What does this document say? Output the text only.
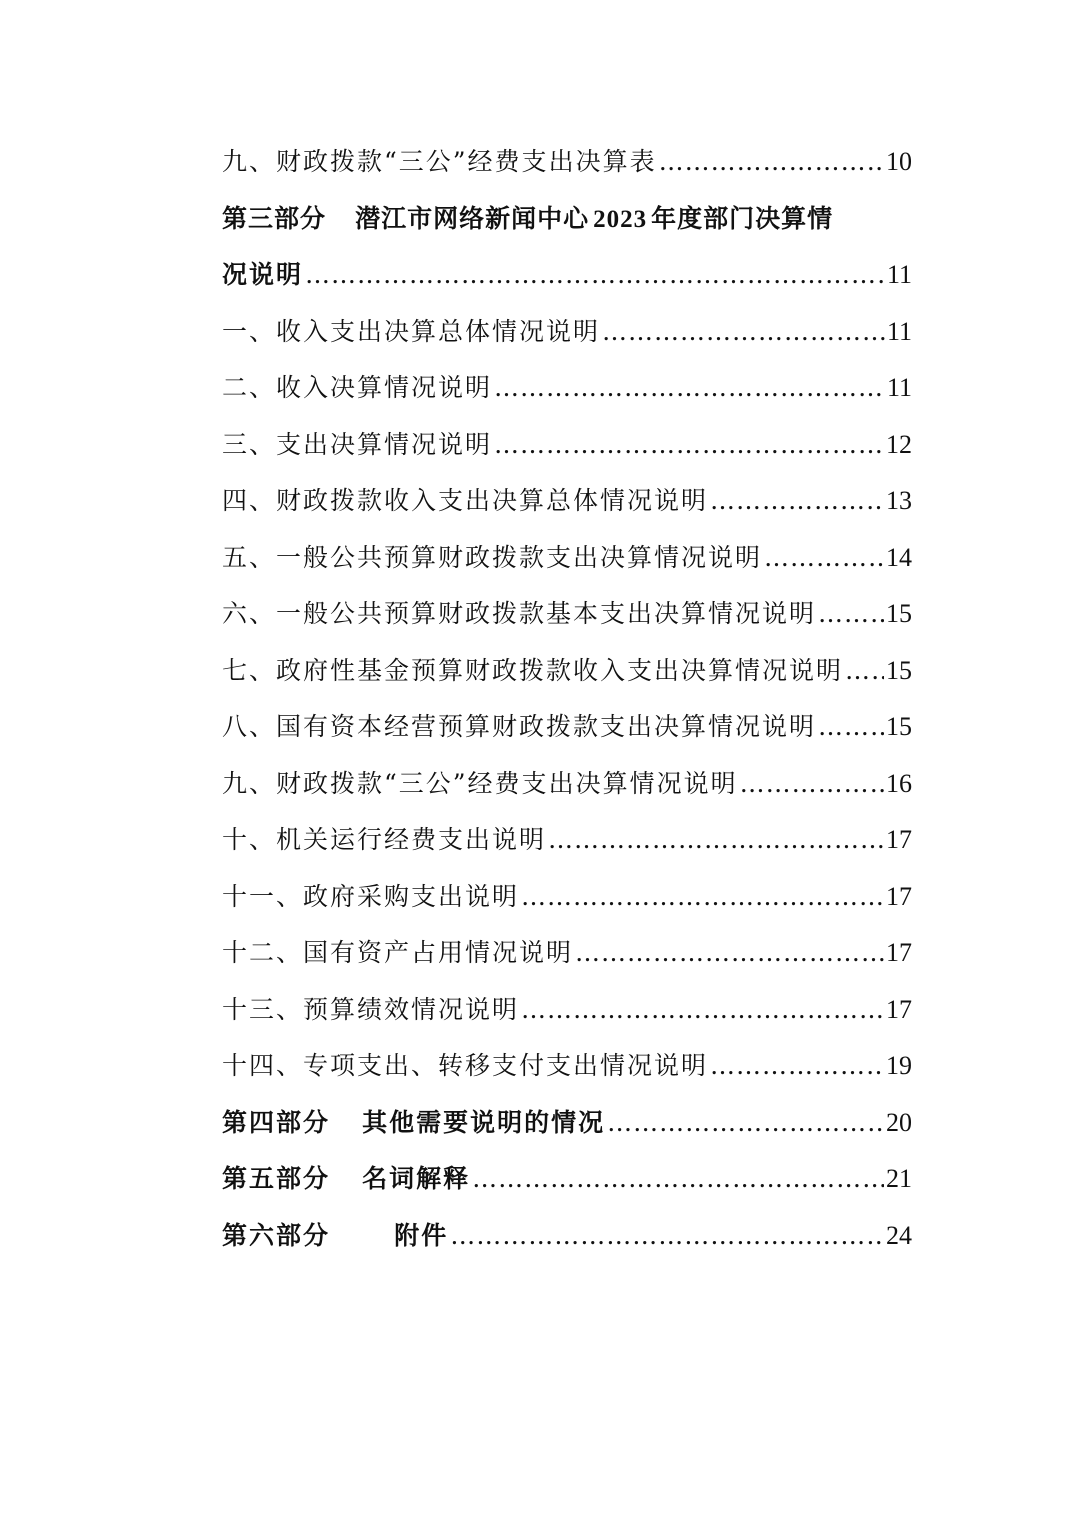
九、财政拨款“三公”经费支出决算表 ………………………………………………………………………………………………………………………………………………	10
第三部分   潜江市网络新闻中心 2023 年度部门决算情
况说明 ………………………………………………………………………………………………………………………………………………	11
一、收入支出决算总体情况说明 ………………………………………………………………………………………………………………………………………………	11
二、收入决算情况说明 ………………………………………………………………………………………………………………………………………………	11
三、支出决算情况说明 ………………………………………………………………………………………………………………………………………………	12
四、财政拨款收入支出决算总体情况说明 ………………………………………………………………………………………………………………………………………………	13
五、一般公共预算财政拨款支出决算情况说明 ………………………………………………………………………………………………………………………………………………	14
六、一般公共预算财政拨款基本支出决算情况说明 ………………………………………………………………………………………………………………………………………………	15
七、政府性基金预算财政拨款收入支出决算情况说明 ……………………………………………………………………………………………………………………………………………… 15
八、国有资本经营预算财政拨款支出决算情况说明 ………………………………………………………………………………………………………………………………………………	15
九、财政拨款“三公”经费支出决算情况说明 ………………………………………………………………………………………………………………………………………………	16
十、机关运行经费支出说明 ………………………………………………………………………………………………………………………………………………	17
十一、政府采购支出说明 ………………………………………………………………………………………………………………………………………………	17
十二、国有资产占用情况说明 ………………………………………………………………………………………………………………………………………………	17
十三、预算绩效情况说明 ………………………………………………………………………………………………………………………………………………	17
十四、专项支出、转移支付支出情况说明 ………………………………………………………………………………………………………………………………………………	19
第四部分   其他需要说明的情况 ………………………………………………………………………………………………………………………………………………	20
第五部分   名词解释 ………………………………………………………………………………………………………………………………………………	21
第六部分      附件 ………………………………………………………………………………………………………………………………………………	24
